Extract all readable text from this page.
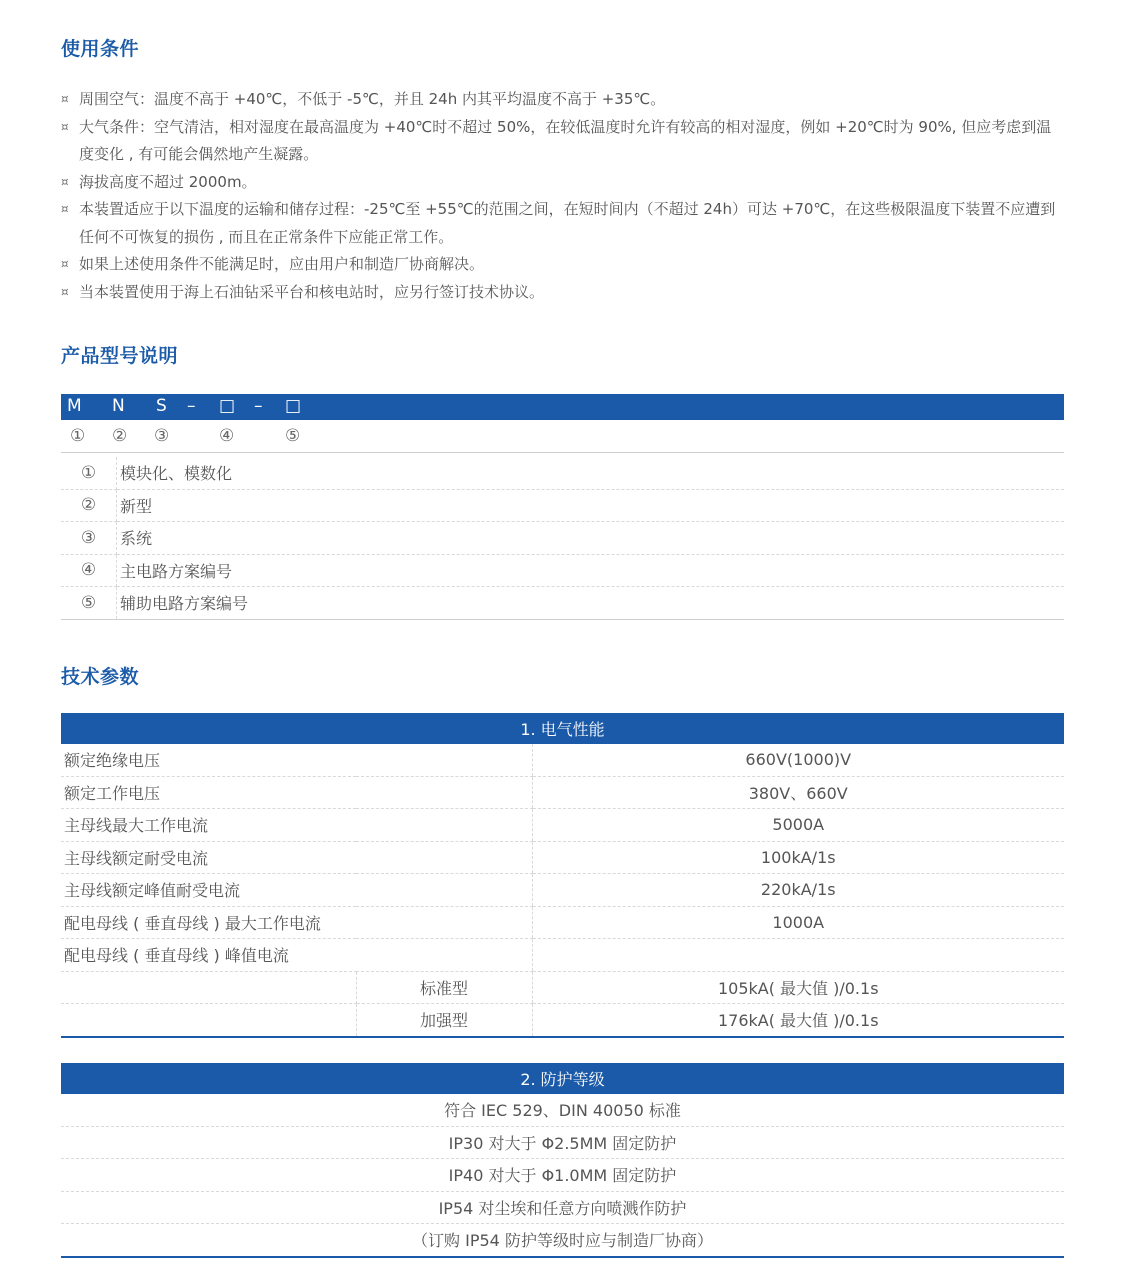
使用条件
¤ 周围空气：温度不高于 +40℃，不低于 -5℃，并且 24h 内其平均温度不高于 +35℃。
¤ 大气条件：空气清洁，相对湿度在最高温度为 +40℃时不超过 50%，在较低温度时允许有较高的相对湿度，例如 +20℃时为 90%, 但应考虑到温度变化 , 有可能会偶然地产生凝露。
¤ 海拔高度不超过 2000m。
¤ 本装置适应于以下温度的运输和储存过程：-25℃至 +55℃的范围之间，在短时间内（不超过 24h）可达 +70℃，在这些极限温度下装置不应遭到任何不可恢复的损伤 , 而且在正常条件下应能正常工作。
¤ 如果上述使用条件不能满足时，应由用户和制造厂协商解决。
¤ 当本装置使用于海上石油钻采平台和核电站时，应另行签订技术协议。
产品型号说明
M N S – □ – □
① ② ③	④	⑤
①	模块化、模数化
②	新型
③	系统
④	主电路方案编号
⑤	辅助电路方案编号
技术参数
1. 电气性能		
额定绝缘电压		660V(1000)V
额定工作电压		380V、660V
主母线最大工作电流		5000A
主母线额定耐受电流		100kA/1s
主母线额定峰值耐受电流		220kA/1s
配电母线 ( 垂直母线 ) 最大工作电流		1000A
配电母线 ( 垂直母线 ) 峰值电流		
	标准型	105kA( 最大值 )/0.1s
	加强型	176kA( 最大值 )/0.1s
2. 防护等级
符合 IEC 529、DIN 40050 标准
IP30 对大于 Φ2.5MM 固定防护
IP40 对大于 Φ1.0MM 固定防护
IP54 对尘埃和任意方向喷溅作防护
（订购 IP54 防护等级时应与制造厂协商）
